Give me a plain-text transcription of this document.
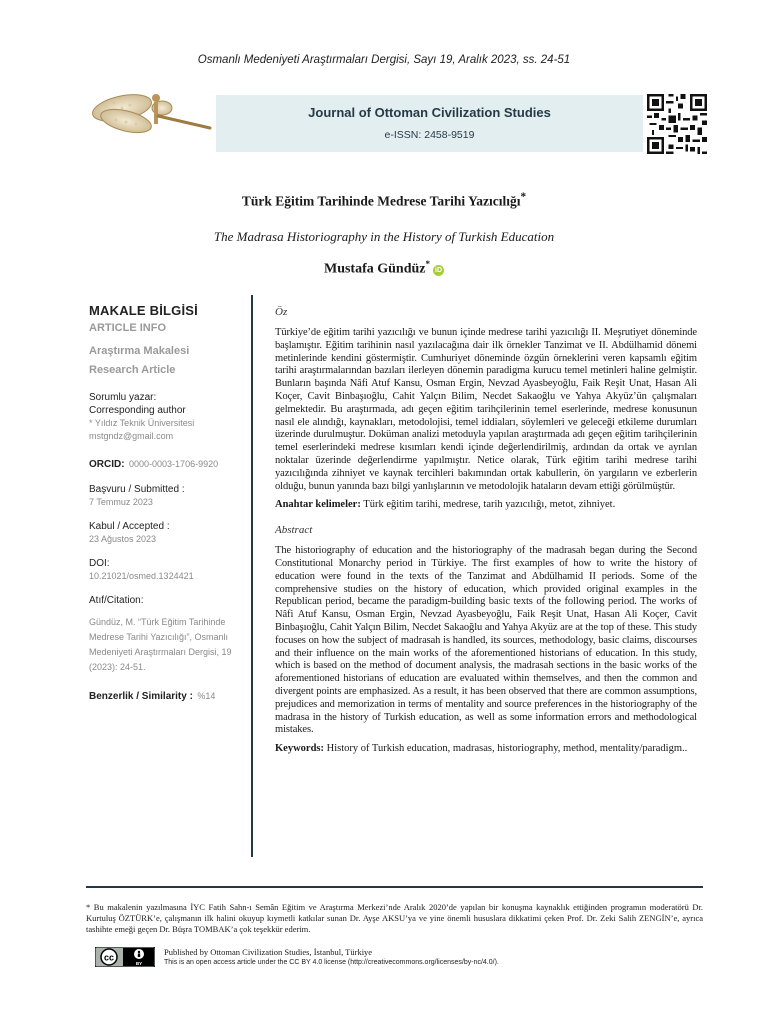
Osmanlı Medeniyeti Araştırmaları Dergisi, Sayı 19, Aralık 2023, ss. 24-51
Journal of Ottoman Civilization Studies
e-ISSN: 2458-9519
Türk Eğitim Tarihinde Medrese Tarihi Yazıcılığı*
The Madrasa Historiography in the History of Turkish Education
Mustafa Gündüz*iD
MAKALE BİLGİSİ
ARTICLE INFO
Araştırma Makalesi
Research Article
Sorumlu yazar:
Corresponding author
* Yıldız Teknik Üniversitesi
mstgndz@gmail.com
ORCID: 0000-0003-1706-9920
Başvuru / Submitted :
7 Temmuz 2023
Kabul / Accepted :
23 Ağustos 2023
DOI:
10.21021/osmed.1324421
Atıf/Citation:
Gündüz, M. “Türk Eğitim Tarihinde Medrese Tarihi Yazıcılığı”, Osmanlı Medeniyeti Araştırmaları Dergisi, 19 (2023): 24-51.
Benzerlik / Similarity : %14
Öz

Türkiye’de eğitim tarihi yazıcılığı ve bunun içinde medrese tarihi yazıcılığı II. Meşrutiyet döneminde başlamıştır. Eğitim tarihinin nasıl yazılacağına dair ilk örnekler Tanzimat ve II. Abdülhamid dönemi metinlerinde kendini göstermiştir. Cumhuriyet döneminde özgün örneklerini veren kapsamlı eğitim tarihi araştırmalarından bazıları ilerleyen dönemin paradigma kurucu temel metinleri haline gelmiştir. Bunların başında Nâfi Atuf Kansu, Osman Ergin, Nevzad Ayasbeyoğlu, Faik Reşit Unat, Hasan Ali Koçer, Cavit Binbaşıoğlu, Cahit Yalçın Bilim, Necdet Sakaoğlu ve Yahya Akyüz’ün çalışmaları gelmektedir. Bu araştırmada, adı geçen eğitim tarihçilerinin temel eserlerinde, medrese konusunun nasıl ele alındığı, kaynakları, metodolojisi, temel iddiaları, söylemleri ve geleceği etkileme durumları üzerinde durulmuştur. Doküman analizi metoduyla yapılan araştırmada adı geçen eğitim tarihçilerinin temel eserlerindeki medrese kısımları kendi içinde değerlendirilmiş, ardından da ortak ve ayrılan noktalar üzerinde değerlendirme yapılmıştır. Netice olarak, Türk eğitim tarihi medrese tarihi yazıcılığında zihniyet ve kaynak tercihleri bakımından ortak kabullerin, ön yargıların ve ezberlerin olduğu, bunun yanında bazı bilgi yanlışlarının ve metodolojik hataların devam ettiği görülmüştür.

Anahtar kelimeler: Türk eğitim tarihi, medrese, tarih yazıcılığı, metot, zihniyet.

Abstract

The historiography of education and the historiography of the madrasah began during the Second Constitutional Monarchy period in Türkiye. The first examples of how to write the history of education were found in the texts of the Tanzimat and Abdülhamid II periods. Some of the comprehensive studies on the history of education, which provided original examples in the Republican period, became the paradigm-building basic texts of the following period. The works of Nâfi Atuf Kansu, Osman Ergin, Nevzad Ayasbeyoğlu, Faik Reşit Unat, Hasan Ali Koçer, Cavit Binbaşıoğlu, Cahit Yalçın Bilim, Necdet Sakaoğlu and Yahya Akyüz are at the top of these. This study focuses on how the subject of madrasah is handled, its sources, methodology, basic claims, discourses and their influence on the main works of the aforementioned historians of education. In this study, which is based on the method of document analysis, the madrasah sections in the basic works of the aforementioned historians of education are evaluated within themselves, and then the common and divergent points are emphasized. As a result, it has been observed that there are common assumptions, prejudices and memorization in terms of mentality and source preferences in the historiography of the madrasa in the history of Turkish education, as well as some information errors and methodological mistakes.

Keywords: History of Turkish education, madrasas, historiography, method, mentality/paradigm..

* Bu makalenin yazılmasına İYC Fatih Sahn-ı Semân Eğitim ve Araştırma Merkezi’nde Aralık 2020’de yapılan bir konuşma kaynaklık ettiğinden programın moderatörü Dr. Kurtuluş ÖZTÜRK’e, çalışmanın ilk halini okuyup kıymetli katkılar sunan Dr. Ayşe AKSU’ya ve yine önemli hususlara dikkatimi çeken Prof. Dr. Zeki Salih ZENGİN’e, ayrıca tashihte emeği geçen Dr. Büşra TOMBAK’a çok teşekkür ederim.

cc
BY
Published by Ottoman Civilization Studies, İstanbul, Türkiye
This is an open access article under the CC BY 4.0 license (http://creativecommons.org/licenses/by-nc/4.0/).
